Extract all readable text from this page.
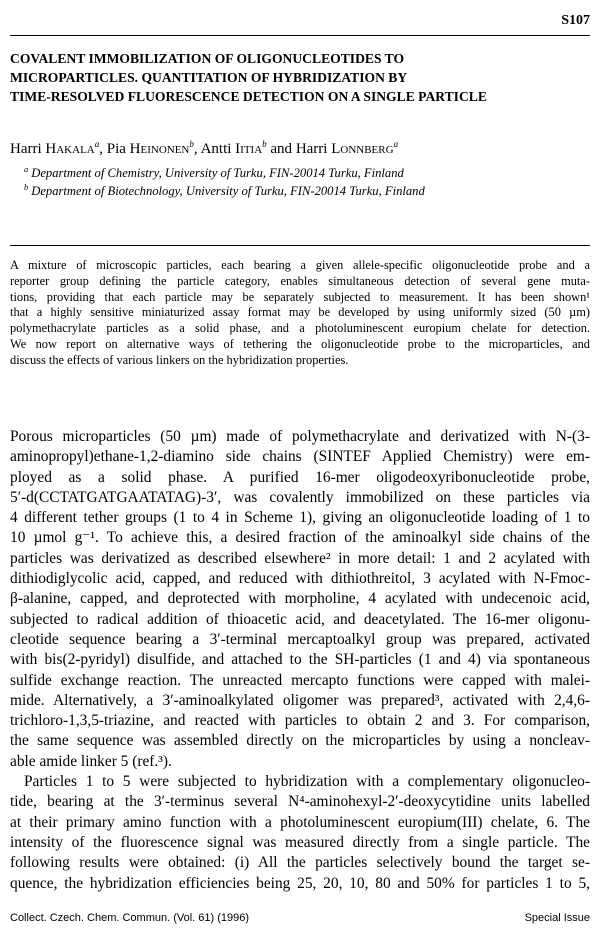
S107
COVALENT IMMOBILIZATION OF OLIGONUCLEOTIDES TO
MICROPARTICLES. QUANTITATION OF HYBRIDIZATION BY
TIME-RESOLVED FLUORESCENCE DETECTION ON A SINGLE PARTICLE
Harri Hakala$^a$, Pia Heinonen$^b$, Antti Iitia$^b$ and Harri Lonnberg$^a$
$^a$ Department of Chemistry, University of Turku, FIN-20014 Turku, Finland
$^b$ Department of Biotechnology, University of Turku, FIN-20014 Turku, Finland
A mixture of microscopic particles, each bearing a given allele-specific oligonucleotide probe and a
reporter group defining the particle category, enables simultaneous detection of several gene muta-
tions, providing that each particle may be separately subjected to measurement. It has been shown¹
that a highly sensitive miniaturized assay format may be developed by using uniformly sized (50 µm)
polymethacrylate particles as a solid phase, and a photoluminescent europium chelate for detection.
We now report on alternative ways of tethering the oligonucleotide probe to the microparticles, and
discuss the effects of various linkers on the hybridization properties.
Porous microparticles (50 µm) made of polymethacrylate and derivatized with N-(3-
aminopropyl)ethane-1,2-diamino side chains (SINTEF Applied Chemistry) were em-
ployed as a solid phase. A purified 16-mer oligodeoxyribonucleotide probe,
5′-d(CCTATGATGAATATAG)-3′, was covalently immobilized on these particles via
4 different tether groups (1 to 4 in Scheme 1), giving an oligonucleotide loading of 1 to
10 µmol g⁻¹. To achieve this, a desired fraction of the aminoalkyl side chains of the
particles was derivatized as described elsewhere² in more detail: 1 and 2 acylated with
dithiodiglycolic acid, capped, and reduced with dithiothreitol, 3 acylated with N-Fmoc-
β-alanine, capped, and deprotected with morpholine, 4 acylated with undecenoic acid,
subjected to radical addition of thioacetic acid, and deacetylated. The 16-mer oligonu-
cleotide sequence bearing a 3′-terminal mercaptoalkyl group was prepared, activated
with bis(2-pyridyl) disulfide, and attached to the SH-particles (1 and 4) via spontaneous
sulfide exchange reaction. The unreacted mercapto functions were capped with malei-
mide. Alternatively, a 3′-aminoalkylated oligomer was prepared³, activated with 2,4,6-
trichloro-1,3,5-triazine, and reacted with particles to obtain 2 and 3. For comparison,
the same sequence was assembled directly on the microparticles by using a noncleav-
able amide linker 5 (ref.³).
Particles 1 to 5 were subjected to hybridization with a complementary oligonucleo-
tide, bearing at the 3′-terminus several N⁴-aminohexyl-2′-deoxycytidine units labelled
at their primary amino function with a photoluminescent europium(III) chelate, 6. The
intensity of the fluorescence signal was measured directly from a single particle. The
following results were obtained: (i) All the particles selectively bound the target se-
quence, the hybridization efficiencies being 25, 20, 10, 80 and 50% for particles 1 to 5,
Collect. Czech. Chem. Commun. (Vol. 61) (1996)	Special Issue
